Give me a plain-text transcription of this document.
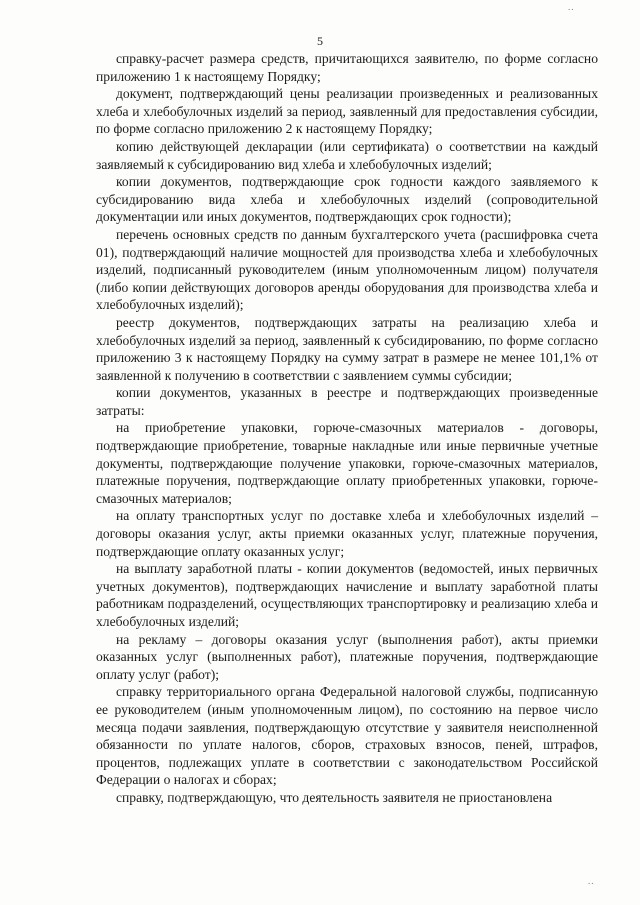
..
5

справку-расчет размера средств, причитающихся заявителю, по форме согласно приложению 1 к настоящему Порядку;

документ, подтверждающий цены реализации произведенных и реализованных хлеба и хлебобулочных изделий за период, заявленный для предоставления субсидии, по форме согласно приложению 2 к настоящему Порядку;

копию действующей декларации (или сертификата) о соответствии на каждый заявляемый к субсидированию вид хлеба и хлебобулочных изделий;

копии документов, подтверждающие срок годности каждого заявляемого к субсидированию вида хлеба и хлебобулочных изделий (сопроводительной документации или иных документов, подтверждающих срок годности);

перечень основных средств по данным бухгалтерского учета (расшифровка счета 01), подтверждающий наличие мощностей для производства хлеба и хлебобулочных изделий, подписанный руководителем (иным уполномоченным лицом) получателя (либо копии действующих договоров аренды оборудования для производства хлеба и хлебобулочных изделий);

реестр документов, подтверждающих затраты на реализацию хлеба и хлебобулочных изделий за период, заявленный к субсидированию, по форме согласно приложению 3 к настоящему Порядку на сумму затрат в размере не менее 101,1% от заявленной к получению в соответствии с заявлением суммы субсидии;

копии документов, указанных в реестре и подтверждающих произведенные затраты:

на приобретение упаковки, горюче-смазочных материалов - договоры, подтверждающие приобретение, товарные накладные или иные первичные учетные документы, подтверждающие получение упаковки, горюче-смазочных материалов, платежные поручения, подтверждающие оплату приобретенных упаковки, горюче-смазочных материалов;

на оплату транспортных услуг по доставке хлеба и хлебобулочных изделий – договоры оказания услуг, акты приемки оказанных услуг, платежные поручения, подтверждающие оплату оказанных услуг;

на выплату заработной платы - копии документов (ведомостей, иных первичных учетных документов), подтверждающих начисление и выплату заработной платы работникам подразделений, осуществляющих транспортировку и реализацию хлеба и хлебобулочных изделий;

на рекламу – договоры оказания услуг (выполнения работ), акты приемки оказанных услуг (выполненных работ), платежные поручения, подтверждающие оплату услуг (работ);

справку территориального органа Федеральной налоговой службы, подписанную ее руководителем (иным уполномоченным лицом), по состоянию на первое число месяца подачи заявления, подтверждающую отсутствие у заявителя неисполненной обязанности по уплате налогов, сборов, страховых взносов, пеней, штрафов, процентов, подлежащих уплате в соответствии с законодательством Российской Федерации о налогах и сборах;

справку, подтверждающую, что деятельность заявителя не приостановлена

..
